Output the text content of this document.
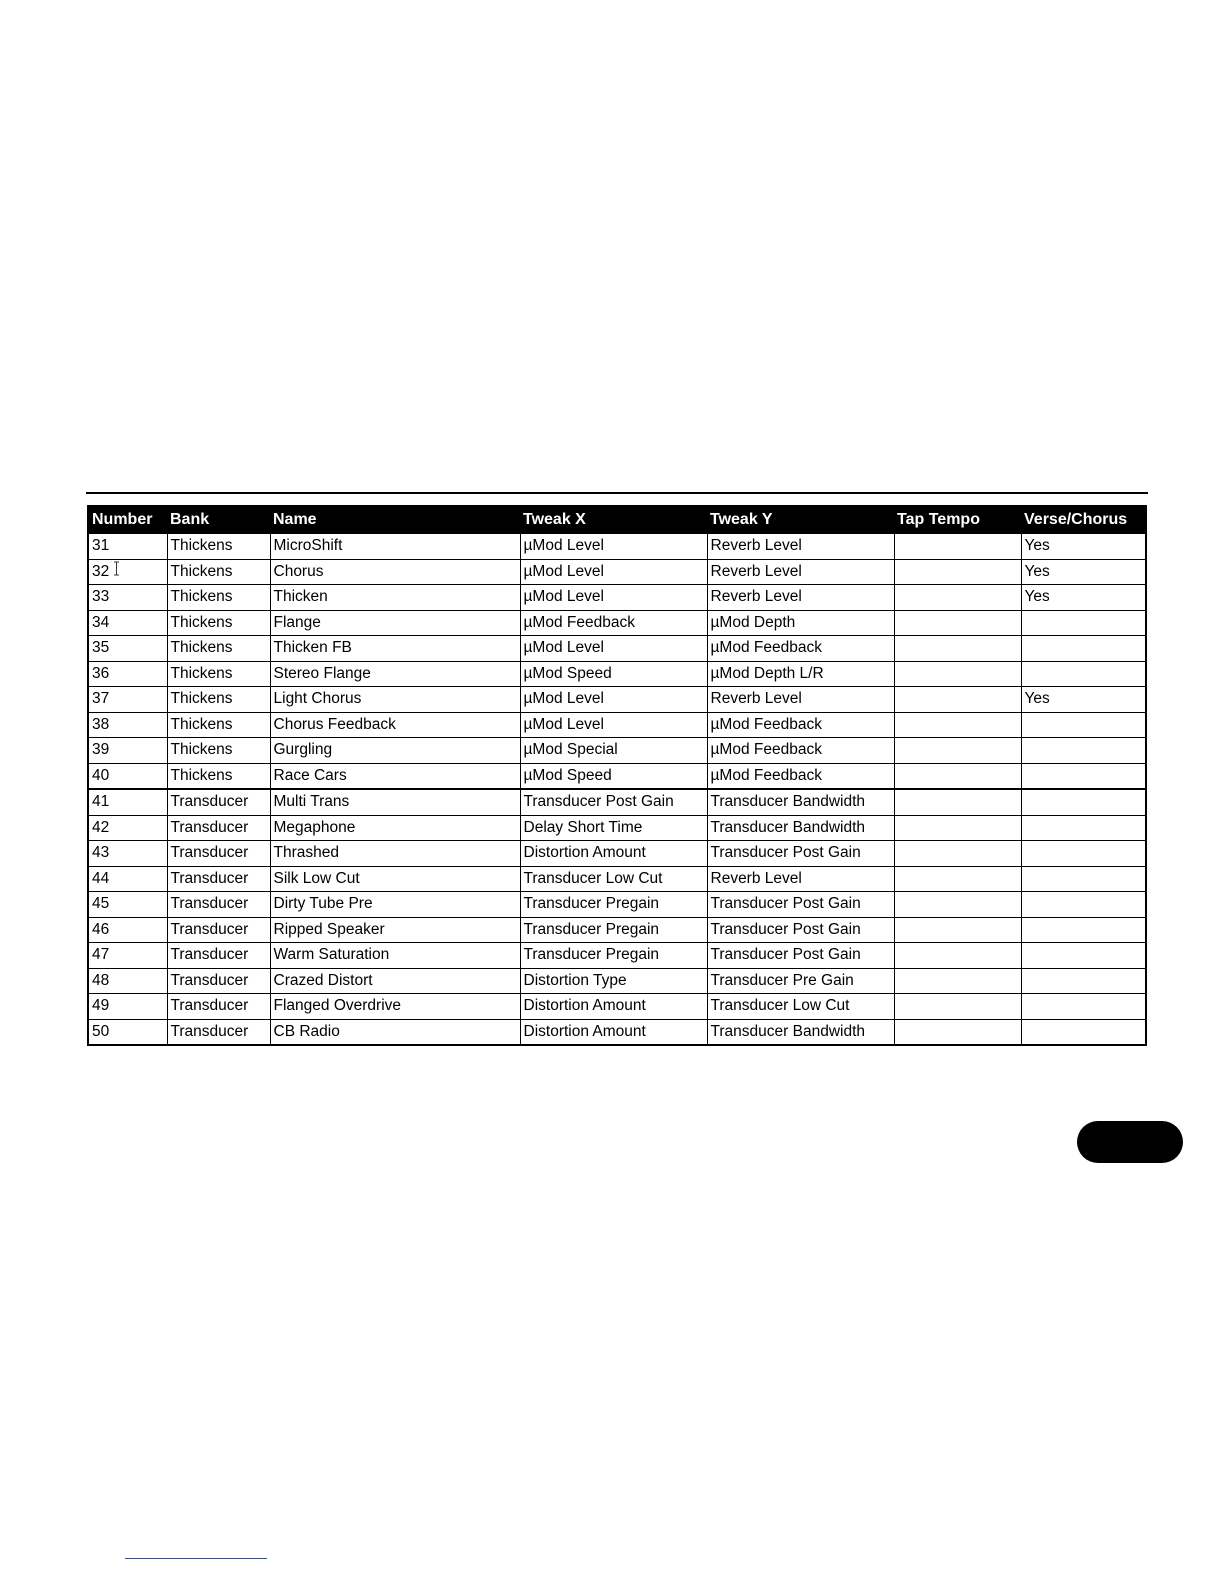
Number	Bank	Name	Tweak X	Tweak Y	Tap Tempo	Verse/Chorus
31	Thickens	MicroShift	µMod Level	Reverb Level		Yes
32	Thickens	Chorus	µMod Level	Reverb Level		Yes
33	Thickens	Thicken	µMod Level	Reverb Level		Yes
34	Thickens	Flange	µMod Feedback	µMod Depth		
35	Thickens	Thicken FB	µMod Level	µMod Feedback		
36	Thickens	Stereo Flange	µMod Speed	µMod Depth L/R		
37	Thickens	Light Chorus	µMod Level	Reverb Level		Yes
38	Thickens	Chorus Feedback	µMod Level	µMod Feedback		
39	Thickens	Gurgling	µMod Special	µMod Feedback		
40	Thickens	Race Cars	µMod Speed	µMod Feedback		
41	Transducer	Multi Trans	Transducer Post Gain	Transducer Bandwidth		
42	Transducer	Megaphone	Delay Short Time	Transducer Bandwidth		
43	Transducer	Thrashed	Distortion Amount	Transducer Post Gain		
44	Transducer	Silk Low Cut	Transducer Low Cut	Reverb Level		
45	Transducer	Dirty Tube Pre	Transducer Pregain	Transducer Post Gain		
46	Transducer	Ripped Speaker	Transducer Pregain	Transducer Post Gain		
47	Transducer	Warm Saturation	Transducer Pregain	Transducer Post Gain		
48	Transducer	Crazed Distort	Distortion Type	Transducer Pre Gain		
49	Transducer	Flanged Overdrive	Distortion Amount	Transducer Low Cut		
50	Transducer	CB Radio	Distortion Amount	Transducer Bandwidth		
